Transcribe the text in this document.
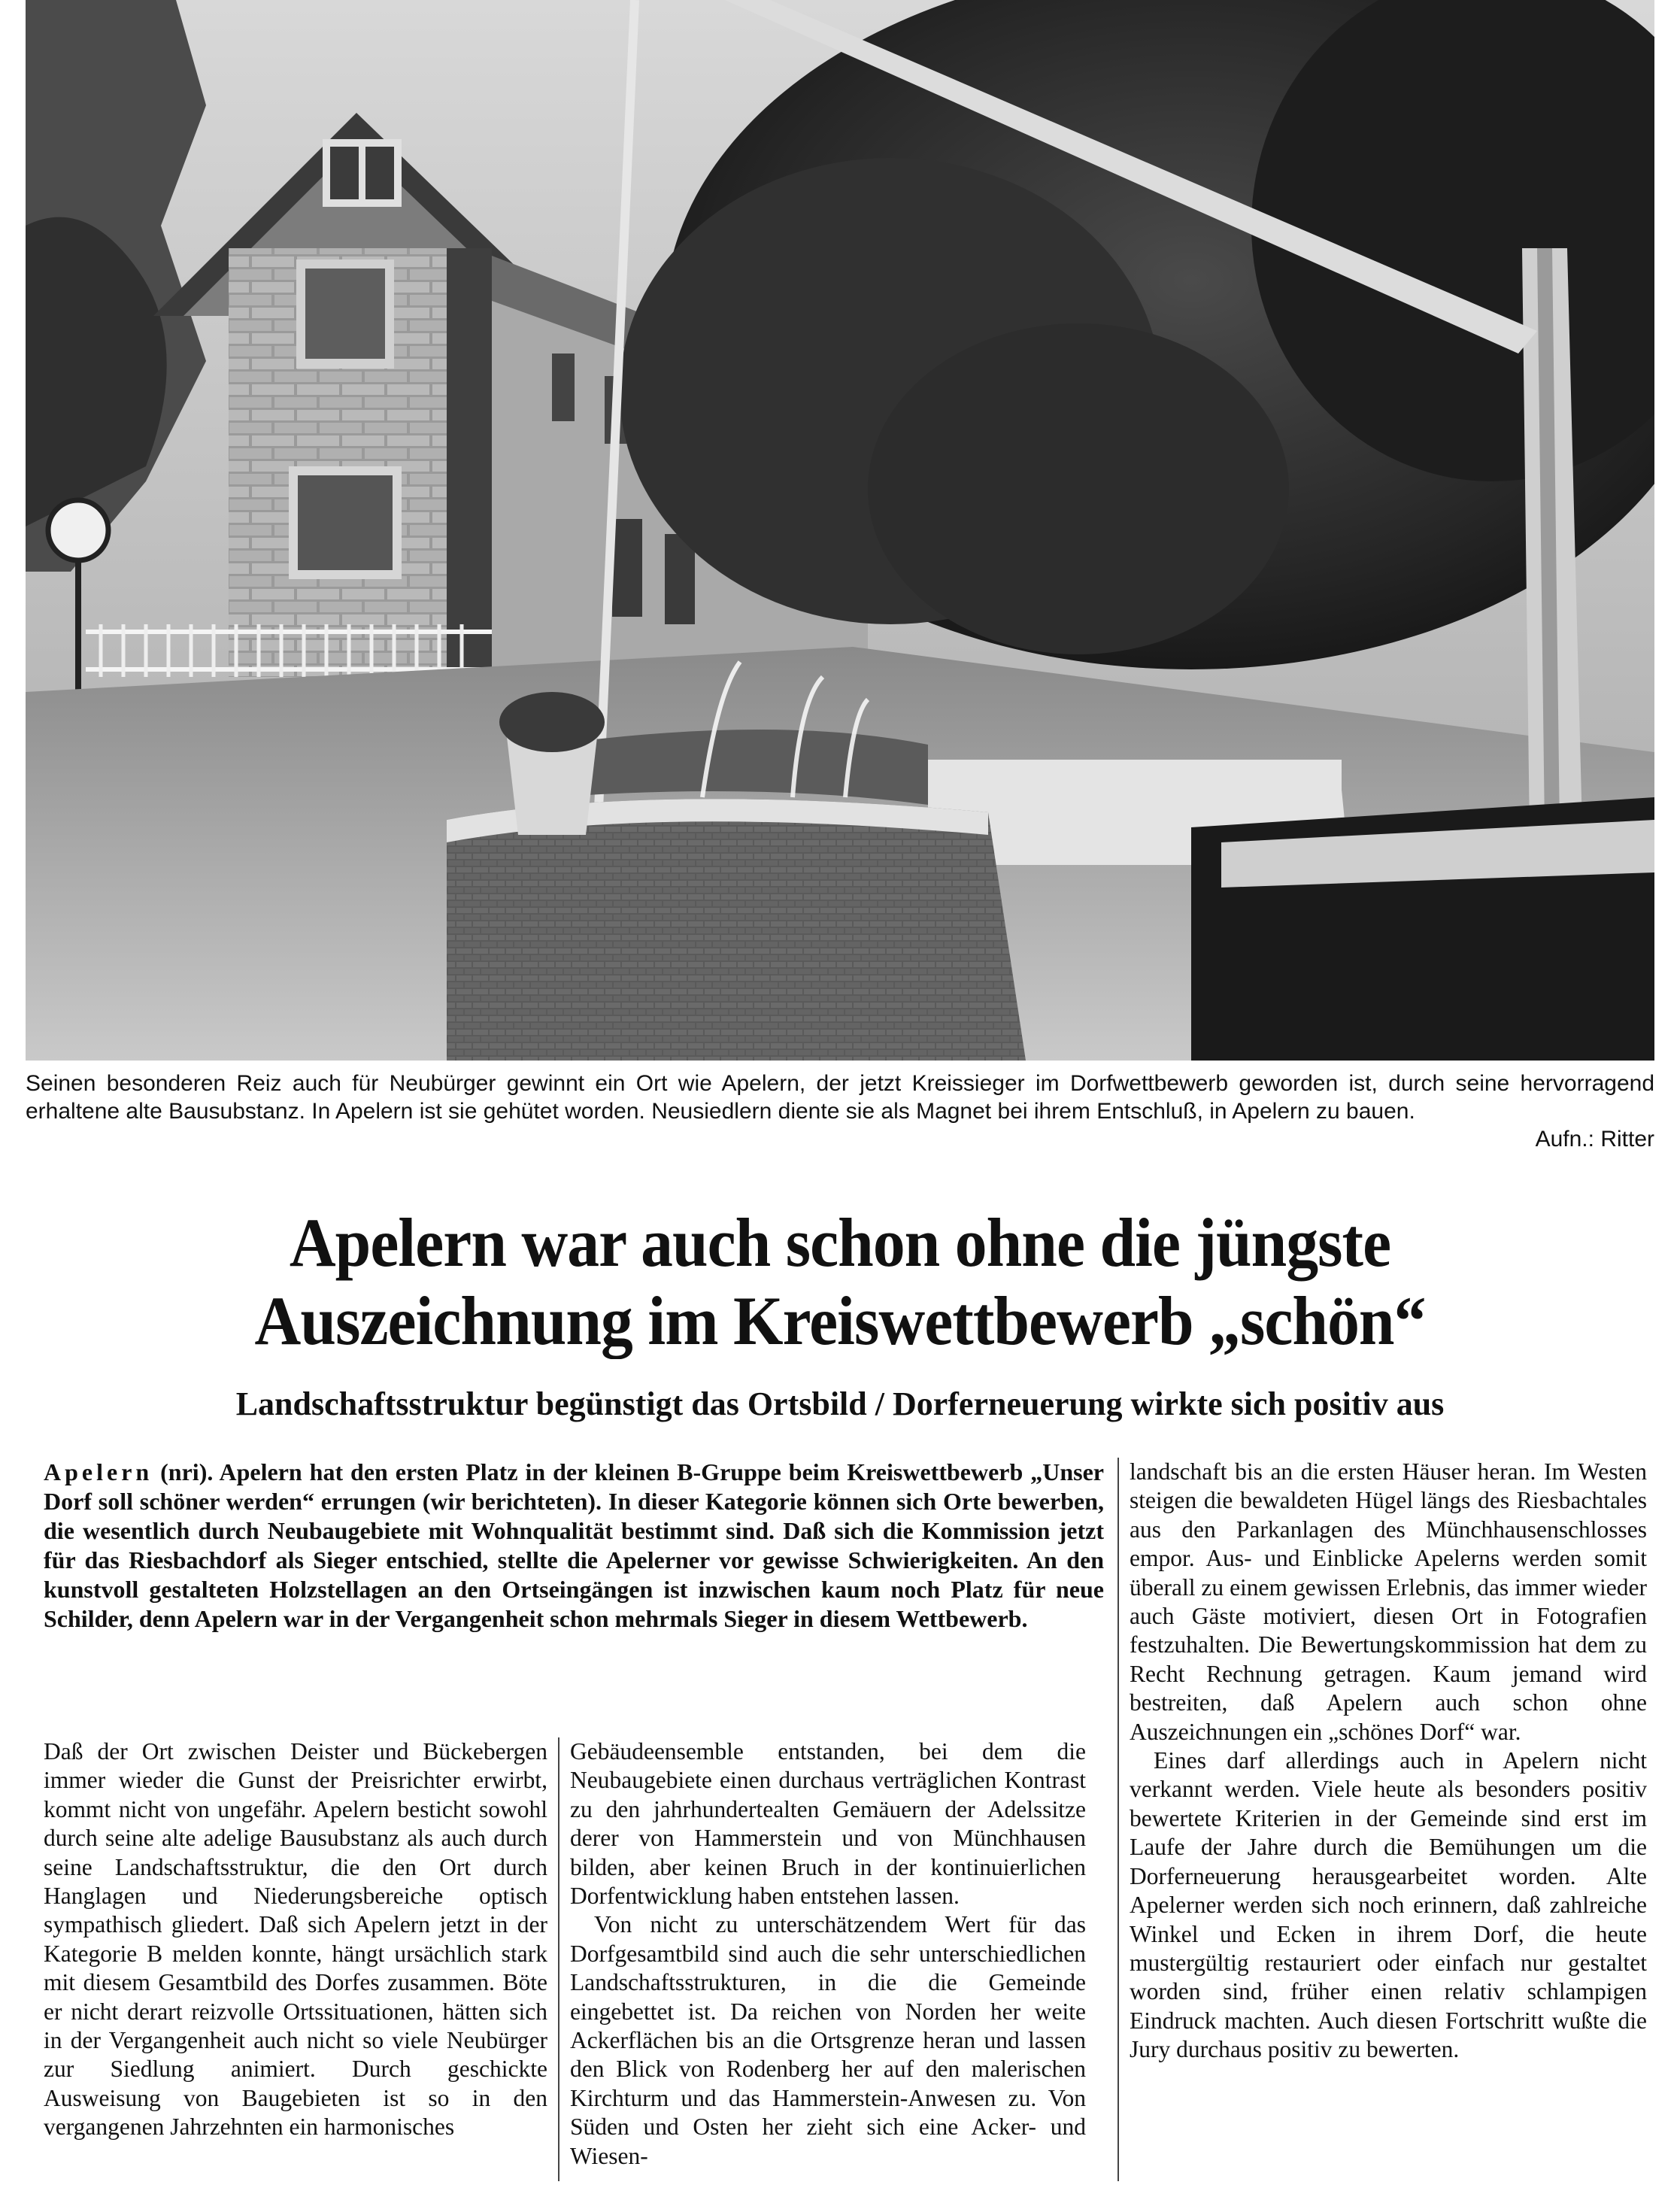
Seinen besonderen Reiz auch für Neubürger gewinnt ein Ort wie Apelern, der jetzt Kreissieger im Dorfwettbewerb geworden ist, durch seine hervorragend erhaltene alte Bausubstanz. In Apelern ist sie gehütet worden. Neusiedlern diente sie als Magnet bei ihrem Entschluß, in Apelern zu bauen.
Aufn.: Ritter
Apelern war auch schon ohne die jüngste
Auszeichnung im Kreiswettbewerb „schön“
Landschaftsstruktur begünstigt das Ortsbild / Dorferneuerung wirkte sich positiv aus
Apelern (nri). Apelern hat den ersten Platz in der kleinen B-Gruppe beim Kreiswettbewerb „Unser Dorf soll schöner werden“ errungen (wir berichteten). In dieser Kategorie können sich Orte bewerben, die wesentlich durch Neubaugebiete mit Wohnqualität bestimmt sind. Daß sich die Kommission jetzt für das Riesbachdorf als Sieger entschied, stellte die Apelerner vor gewisse Schwierigkeiten. An den kunstvoll gestalteten Holzstellagen an den Ortseingängen ist inzwischen kaum noch Platz für neue Schilder, denn Apelern war in der Vergangenheit schon mehrmals Sieger in diesem Wettbewerb.

Daß der Ort zwischen Deister und Bückebergen immer wieder die Gunst der Preisrichter erwirbt, kommt nicht von ungefähr. Apelern besticht sowohl durch seine alte adelige Bausubstanz als auch durch seine Landschaftsstruktur, die den Ort durch Hanglagen und Niederungsbereiche optisch sympathisch gliedert. Daß sich Apelern jetzt in der Kategorie B melden konnte, hängt ursächlich stark mit diesem Gesamtbild des Dorfes zusammen. Böte er nicht derart reizvolle Ortssituationen, hätten sich in der Vergangenheit auch nicht so viele Neubürger zur Siedlung animiert. Durch geschickte Ausweisung von Baugebieten ist so in den vergangenen Jahrzehnten ein harmonisches

Gebäudeensemble entstanden, bei dem die Neubaugebiete einen durchaus verträglichen Kontrast zu den jahrhundertealten Gemäuern der Adelssitze derer von Hammerstein und von Münchhausen bilden, aber keinen Bruch in der kontinuierlichen Dorfentwicklung haben entstehen lassen.

Von nicht zu unterschätzendem Wert für das Dorfgesamtbild sind auch die sehr unterschiedlichen Landschaftsstrukturen, in die die Gemeinde eingebettet ist. Da reichen von Norden her weite Ackerflächen bis an die Ortsgrenze heran und lassen den Blick von Rodenberg her auf den malerischen Kirchturm und das Hammerstein-Anwesen zu. Von Süden und Osten her zieht sich eine Acker- und Wiesen-

landschaft bis an die ersten Häuser heran. Im Westen steigen die bewaldeten Hügel längs des Riesbachtales aus den Parkanlagen des Münchhausenschlosses empor. Aus- und Einblicke Apelerns werden somit überall zu einem gewissen Erlebnis, das immer wieder auch Gäste motiviert, diesen Ort in Fotografien festzuhalten. Die Bewertungskommission hat dem zu Recht Rechnung getragen. Kaum jemand wird bestreiten, daß Apelern auch schon ohne Auszeichnungen ein „schönes Dorf“ war.

Eines darf allerdings auch in Apelern nicht verkannt werden. Viele heute als besonders positiv bewertete Kriterien in der Gemeinde sind erst im Laufe der Jahre durch die Bemühungen um die Dorferneuerung herausgearbeitet worden. Alte Apelerner werden sich noch erinnern, daß zahlreiche Winkel und Ecken in ihrem Dorf, die heute mustergültig restauriert oder einfach nur gestaltet worden sind, früher einen relativ schlampigen Eindruck machten. Auch diesen Fortschritt wußte die Jury durchaus positiv zu bewerten.
